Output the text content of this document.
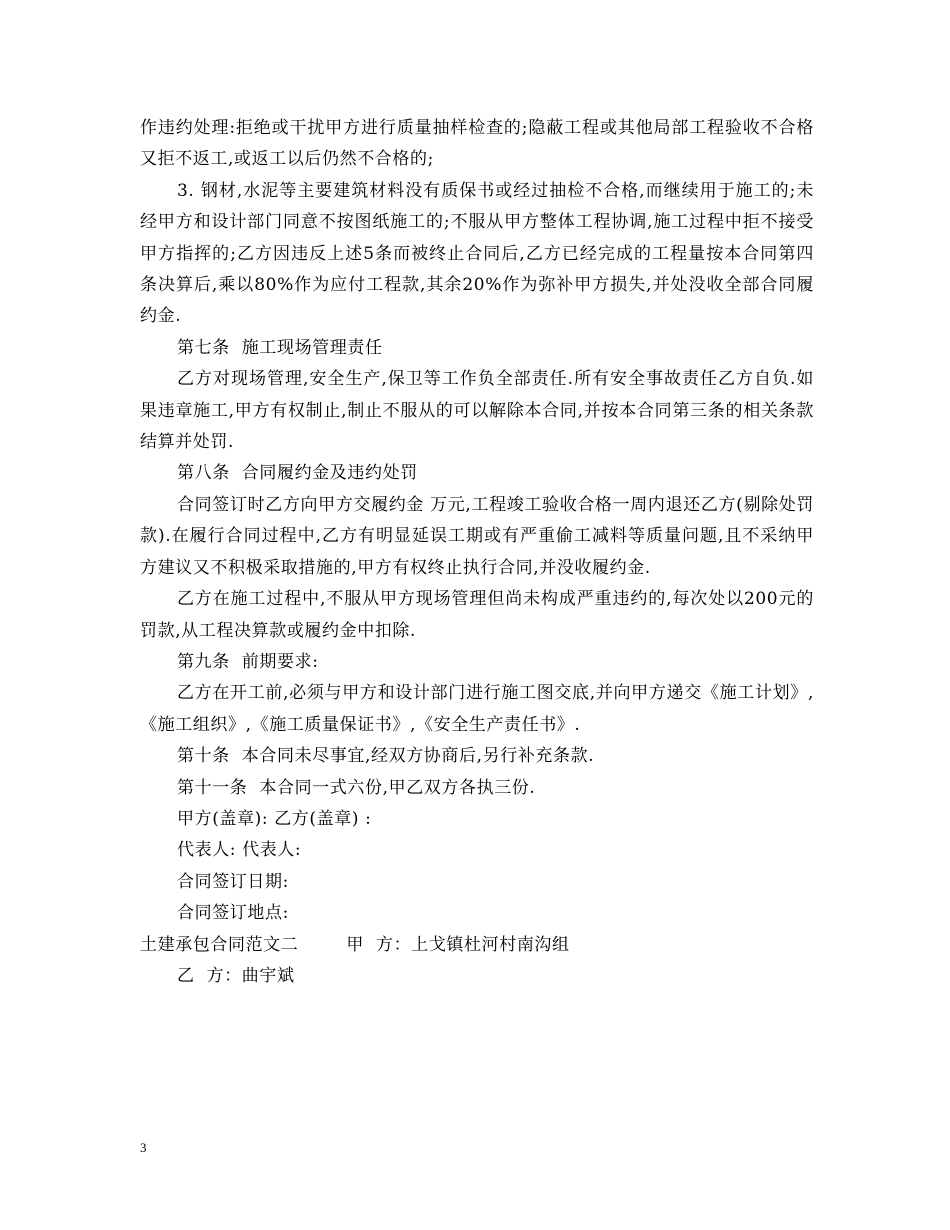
作违约处理:拒绝或干扰甲方进行质量抽样检查的;隐蔽工程或其他局部工程验收不合格又拒不返工,或返工以后仍然不合格的;

3. 钢材,水泥等主要建筑材料没有质保书或经过抽检不合格,而继续用于施工的;未经甲方和设计部门同意不按图纸施工的;不服从甲方整体工程协调,施工过程中拒不接受甲方指挥的;乙方因违反上述5条而被终止合同后,乙方已经完成的工程量按本合同第四条决算后,乘以80%作为应付工程款,其余20%作为弥补甲方损失,并处没收全部合同履约金.

第七条  施工现场管理责任

乙方对现场管理,安全生产,保卫等工作负全部责任.所有安全事故责任乙方自负.如果违章施工,甲方有权制止,制止不服从的可以解除本合同,并按本合同第三条的相关条款结算并处罚.

第八条  合同履约金及违约处罚

合同签订时乙方向甲方交履约金 万元,工程竣工验收合格一周内退还乙方(剔除处罚款).在履行合同过程中,乙方有明显延误工期或有严重偷工减料等质量问题,且不采纳甲方建议又不积极采取措施的,甲方有权终止执行合同,并没收履约金.

乙方在施工过程中,不服从甲方现场管理但尚未构成严重违约的,每次处以200元的罚款,从工程决算款或履约金中扣除.

第九条  前期要求:

乙方在开工前,必须与甲方和设计部门进行施工图交底,并向甲方递交《施工计划》,《施工组织》,《施工质量保证书》,《安全生产责任书》.

第十条  本合同未尽事宜,经双方协商后,另行补充条款.

第十一条  本合同一式六份,甲乙双方各执三份.

甲方(盖章): 乙方(盖章) :

代表人: 代表人:

合同签订日期:

合同签订地点:

土建承包合同范文二        甲  方：上戈镇杜河村南沟组

乙  方：曲宇斌

3
